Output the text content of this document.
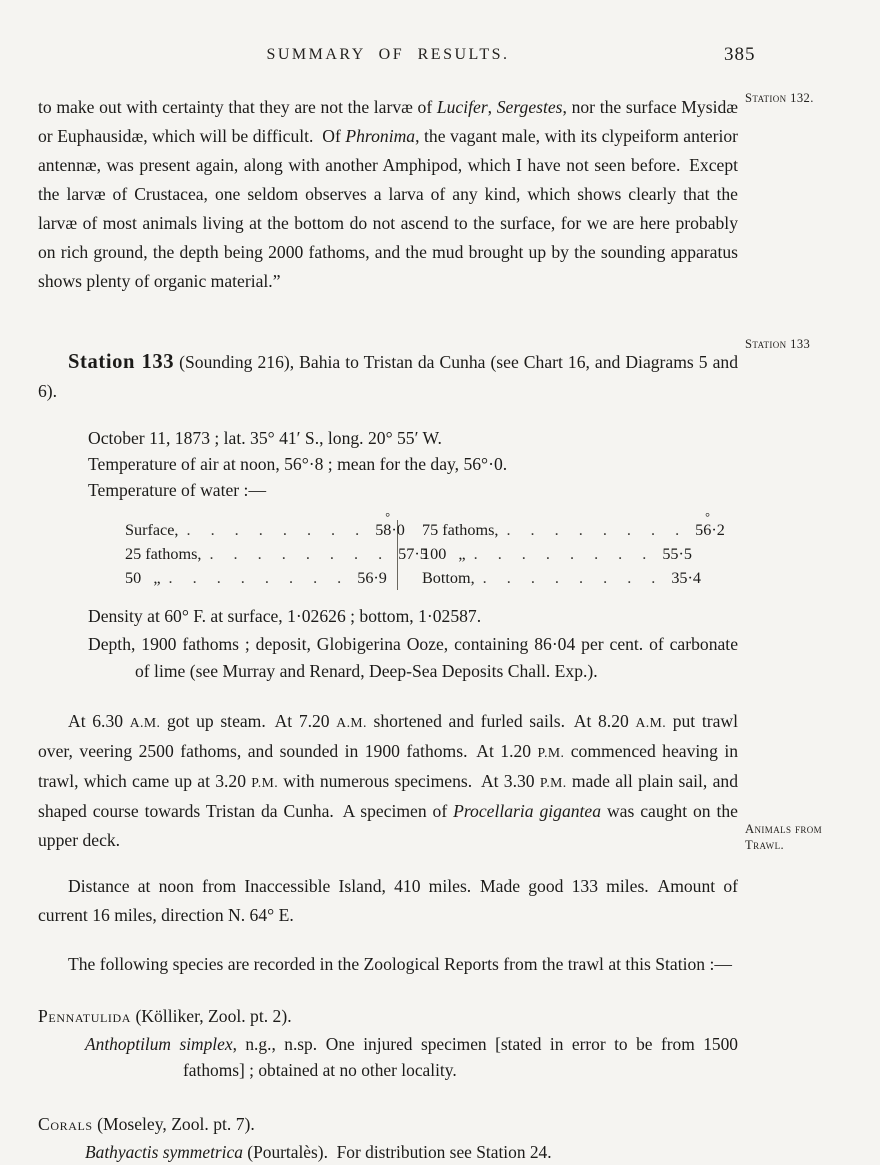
SUMMARY OF RESULTS.	385

to make out with certainty that they are not the larvæ of Lucifer, Sergestes, nor the surface Mysidæ or Euphausidæ, which will be difficult. Of Phronima, the vagant male, with its clypeiform anterior antennæ, was present again, along with another Amphipod, which I have not seen before. Except the larvæ of Crustacea, one seldom observes a larva of any kind, which shows clearly that the larvæ of most animals living at the bottom do not ascend to the surface, for we are here probably on rich ground, the depth being 2000 fathoms, and the mud brought up by the sounding apparatus shows plenty of organic material.”

Station 133 (Sounding 216), Bahia to Tristan da Cunha (see Chart 16, and Diagrams 5 and 6).

October 11, 1873 ; lat. 35° 41′ S., long. 20° 55′ W.
Temperature of air at noon, 56°·8 ; mean for the day, 56°·0.
Temperature of water :—
Surface, .	° 58·0
25 fathoms, .	57·5
50   „ .	56·9
75 fathoms, .	° 56·2
100   „ .	55·5
Bottom, .	35·4
Density at 60° F. at surface, 1·02626 ; bottom, 1·02587.
Depth, 1900 fathoms ; deposit, Globigerina Ooze, containing 86·04 per cent. of carbonate of lime (see Murray and Renard, Deep-Sea Deposits Chall. Exp.).

At 6.30 A.M. got up steam. At 7.20 A.M. shortened and furled sails. At 8.20 A.M. put trawl over, veering 2500 fathoms, and sounded in 1900 fathoms. At 1.20 P.M. commenced heaving in trawl, which came up at 3.20 P.M. with numerous specimens. At 3.30 P.M. made all plain sail, and shaped course towards Tristan da Cunha. A specimen of Procellaria gigantea was caught on the upper deck.

Distance at noon from Inaccessible Island, 410 miles. Made good 133 miles. Amount of current 16 miles, direction N. 64° E.

The following species are recorded in the Zoological Reports from the trawl at this Station :—

Pennatulida (Kölliker, Zool. pt. 2).
Anthoptilum simplex, n.g., n.sp. One injured specimen [stated in error to be from 1500 fathoms] ; obtained at no other locality.
Corals (Moseley, Zool. pt. 7).
Bathyactis symmetrica (Pourtalès). For distribution see Station 24.
Station 132.
Station 133
Animals from Trawl.
